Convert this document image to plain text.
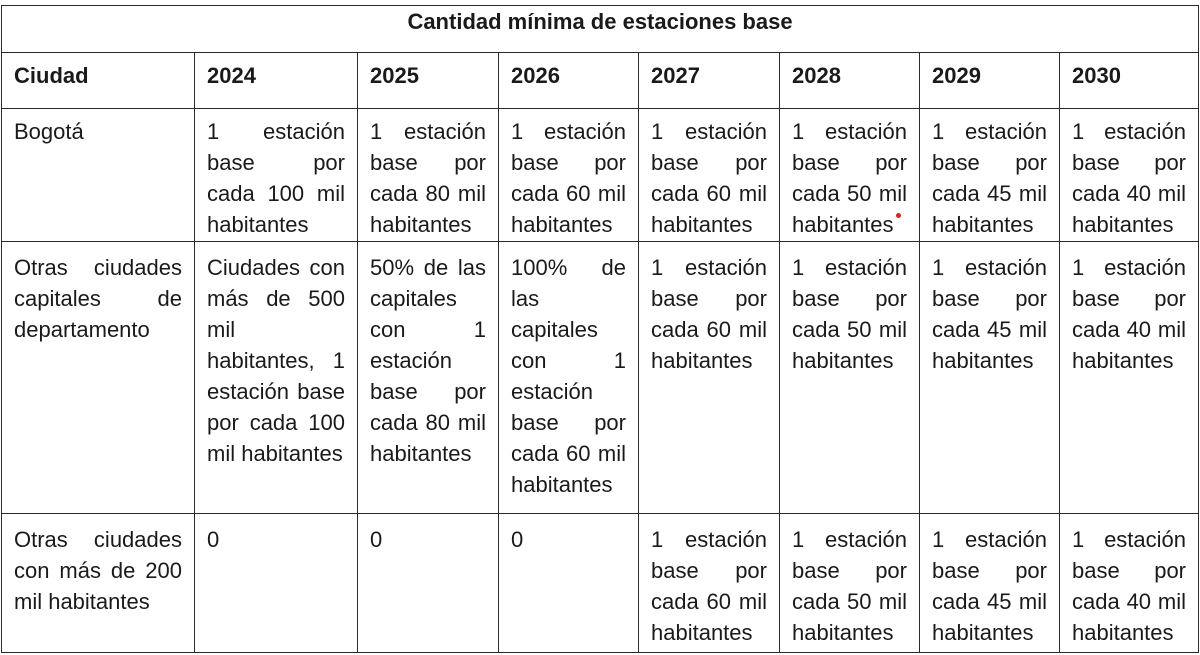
Cantidad mínima de estaciones base							
Ciudad	2024	2025	2026	2027	2028	2029	2030
Bogotá	1 estación base por cada 100 mil habitantes	1 estación base por cada 80 mil habitantes	1 estación base por cada 60 mil habitantes	1 estación base por cada 60 mil habitantes	1 estación base por cada 50 mil habitantes	1 estación base por cada 45 mil habitantes	1 estación base por cada 40 mil habitantes
Otras ciudades capitales de departamento	Ciudades con más de 500 mil habitantes, 1 estación base por cada 100 mil habitantes	50% de las capitales con 1 estación base por cada 80 mil habitantes	100% de las capitales con 1 estación base por cada 60 mil habitantes	1 estación base por cada 60 mil habitantes	1 estación base por cada 50 mil habitantes	1 estación base por cada 45 mil habitantes	1 estación base por cada 40 mil habitantes
Otras ciudades con más de 200 mil habitantes	0	0	0	1 estación base por cada 60 mil habitantes	1 estación base por cada 50 mil habitantes	1 estación base por cada 45 mil habitantes	1 estación base por cada 40 mil habitantes
